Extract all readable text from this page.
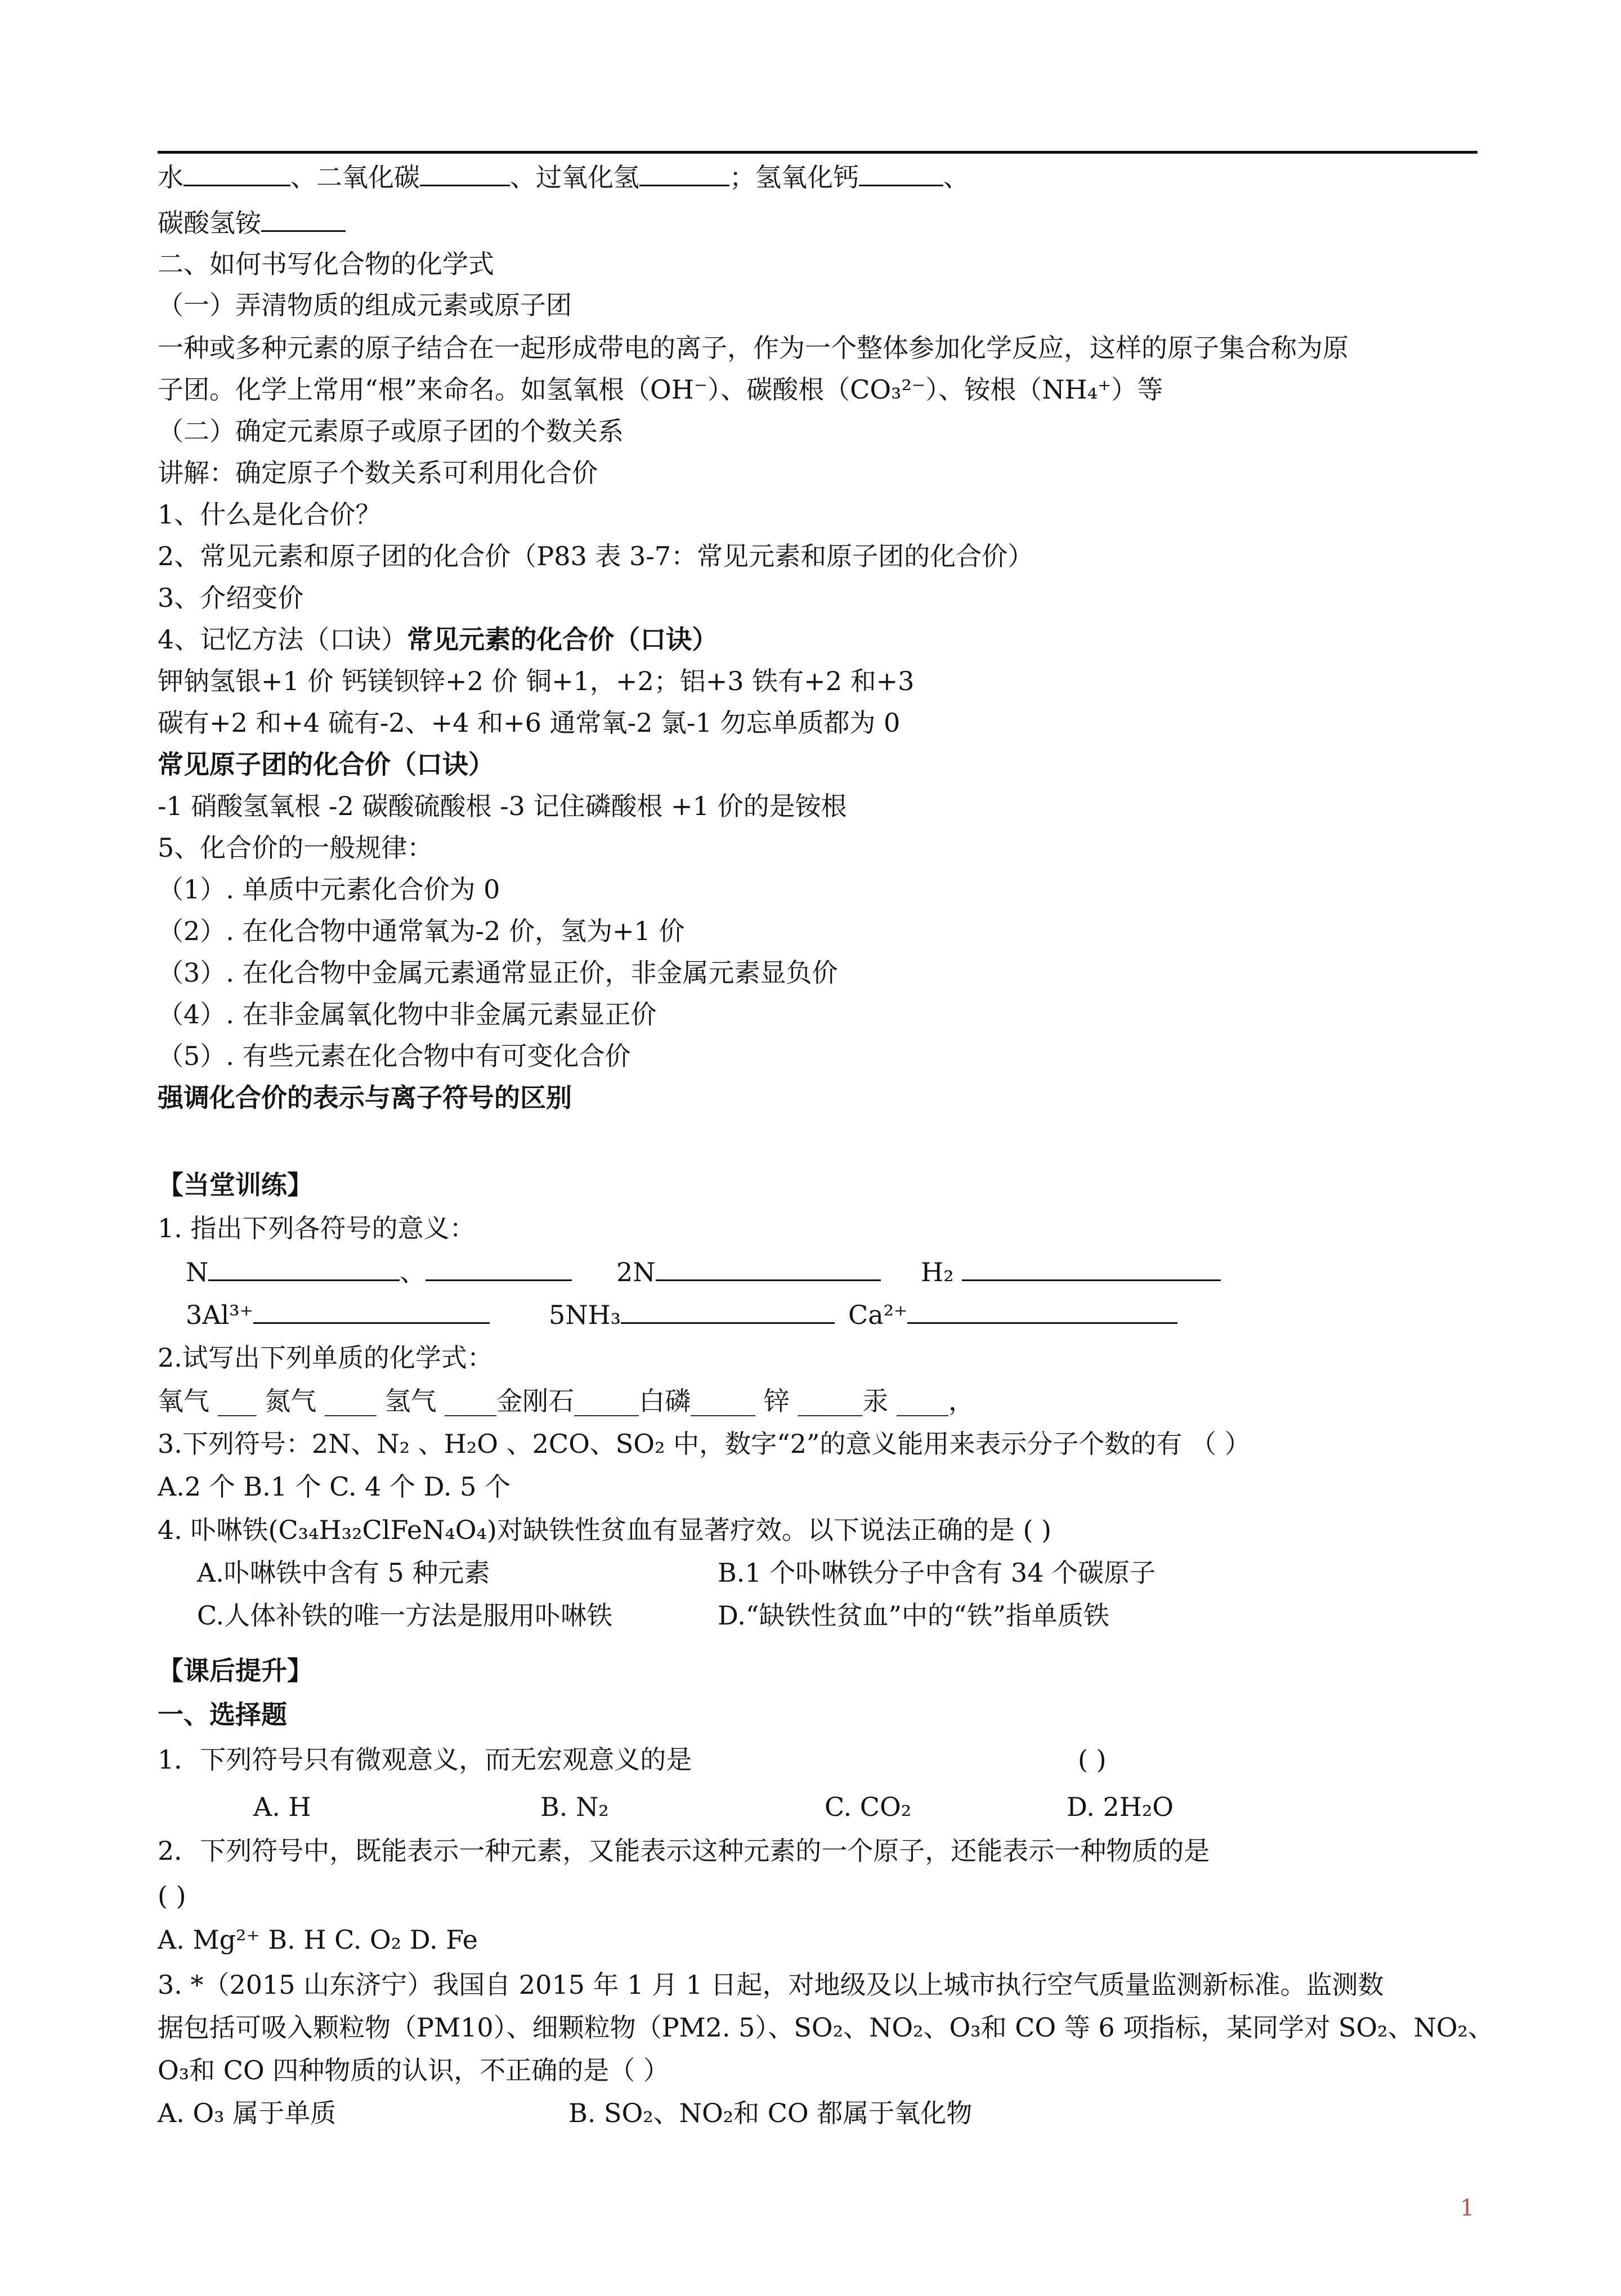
水	、二氧化碳	、过氧化氢	；氢氧化钙	、
碳酸氢铵
二、如何书写化合物的化学式
（一）弄清物质的组成元素或原子团
一种或多种元素的原子结合在一起形成带电的离子，作为一个整体参加化学反应，这样的原子集合称为原
子团。化学上常用“根”来命名。如氢氧根（OH⁻）、碳酸根（CO₃²⁻）、铵根（NH₄⁺）等
（二）确定元素原子或原子团的个数关系
讲解：确定原子个数关系可利用化合价
1、什么是化合价？
2、常见元素和原子团的化合价（P83 表 3-7：常见元素和原子团的化合价）
3、介绍变价
4、记忆方法（口诀）常见元素的化合价（口诀）
钾钠氢银+1 价 钙镁钡锌+2 价 铜+1，+2；铝+3 铁有+2 和+3
碳有+2 和+4 硫有-2、+4 和+6 通常氧-2 氯-1 勿忘单质都为 0
常见原子团的化合价（口诀）
-1 硝酸氢氧根 -2 碳酸硫酸根 -3 记住磷酸根 +1 价的是铵根
5、化合价的一般规律：
（1）. 单质中元素化合价为 0
（2）. 在化合物中通常氧为-2 价，氢为+1 价
（3）. 在化合物中金属元素通常显正价，非金属元素显负价
（4）. 在非金属氧化物中非金属元素显正价
（5）. 有些元素在化合物中有可变化合价
强调化合价的表示与离子符号的区别
【当堂训练】
1. 指出下列各符号的意义：
N	、	2N	H₂
3Al³⁺	5NH₃	Ca²⁺
2.试写出下列单质的化学式：
氧气 ___ 氮气 ____ 氢气 ____金刚石_____白磷_____ 锌 _____汞 ____，
3.下列符号：2N、N₂ 、H₂O 、2CO、SO₂ 中，数字“2”的意义能用来表示分子个数的有 （ ）
A.2 个 B.1 个 C. 4 个 D. 5 个
4. 卟啉铁(C₃₄H₃₂ClFeN₄O₄)对缺铁性贫血有显著疗效。以下说法正确的是 ( )
A.卟啉铁中含有 5 种元素	B.1 个卟啉铁分子中含有 34 个碳原子
C.人体补铁的唯一方法是服用卟啉铁	D.“缺铁性贫血”中的“铁”指单质铁
【课后提升】
一、选择题
1．下列符号只有微观意义，而无宏观意义的是	( )
A. H	B. N₂	C. CO₂	D. 2H₂O
2．下列符号中，既能表示一种元素，又能表示这种元素的一个原子，还能表示一种物质的是
( )
A. Mg²⁺ B. H C. O₂ D. Fe
3. *（2015 山东济宁）我国自 2015 年 1 月 1 日起，对地级及以上城市执行空气质量监测新标准。监测数
据包括可吸入颗粒物（PM10）、细颗粒物（PM2. 5）、SO₂、NO₂、O₃和 CO 等 6 项指标，某同学对 SO₂、NO₂、
O₃和 CO 四种物质的认识，不正确的是（ ）
A. O₃ 属于单质	B. SO₂、NO₂和 CO 都属于氧化物
1
